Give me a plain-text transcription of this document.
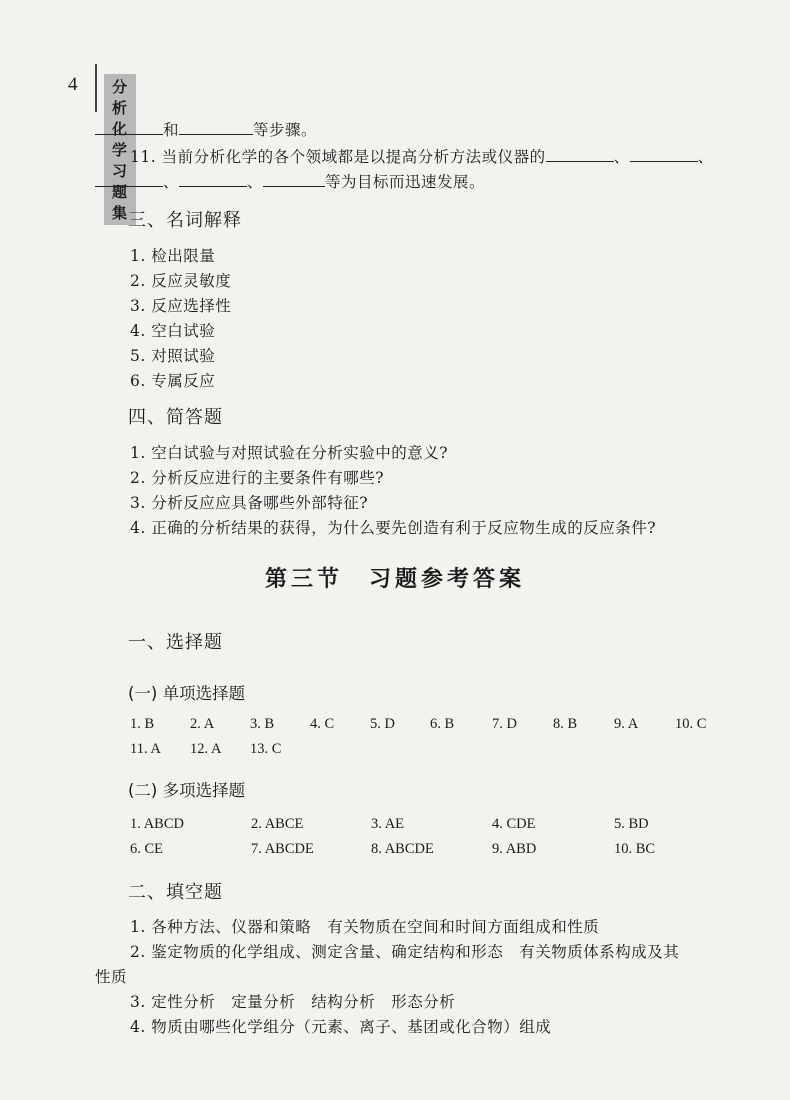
4	分析化学习题集
和	等步骤。
11. 当前分析化学的各个领域都是以提高分析方法或仪器的	、	、
、	、	等为目标而迅速发展。
三、名词解释
1. 检出限量
2. 反应灵敏度
3. 反应选择性
4. 空白试验
5. 对照试验
6. 专属反应
四、简答题
1. 空白试验与对照试验在分析实验中的意义?
2. 分析反应进行的主要条件有哪些?
3. 分析反应应具备哪些外部特征?
4. 正确的分析结果的获得，为什么要先创造有利于反应物生成的反应条件?
第三节　习题参考答案
一、选择题
(一) 单项选择题
1. B 2. A 3. B 4. C 5. D 6. B	7. D 8. B	9. A	10. C
11. A 12. A 13. C
(二) 多项选择题
1. ABCD	2. ABCE	3. AE	4. CDE	5. BD
6. CE	7. ABCDE	8. ABCDE	9. ABD	10. BC
二、填空题
1. 各种方法、仪器和策略　有关物质在空间和时间方面组成和性质
2. 鉴定物质的化学组成、测定含量、确定结构和形态　有关物质体系构成及其
性质
3. 定性分析　定量分析　结构分析　形态分析
4. 物质由哪些化学组分（元素、离子、基团或化合物）组成
